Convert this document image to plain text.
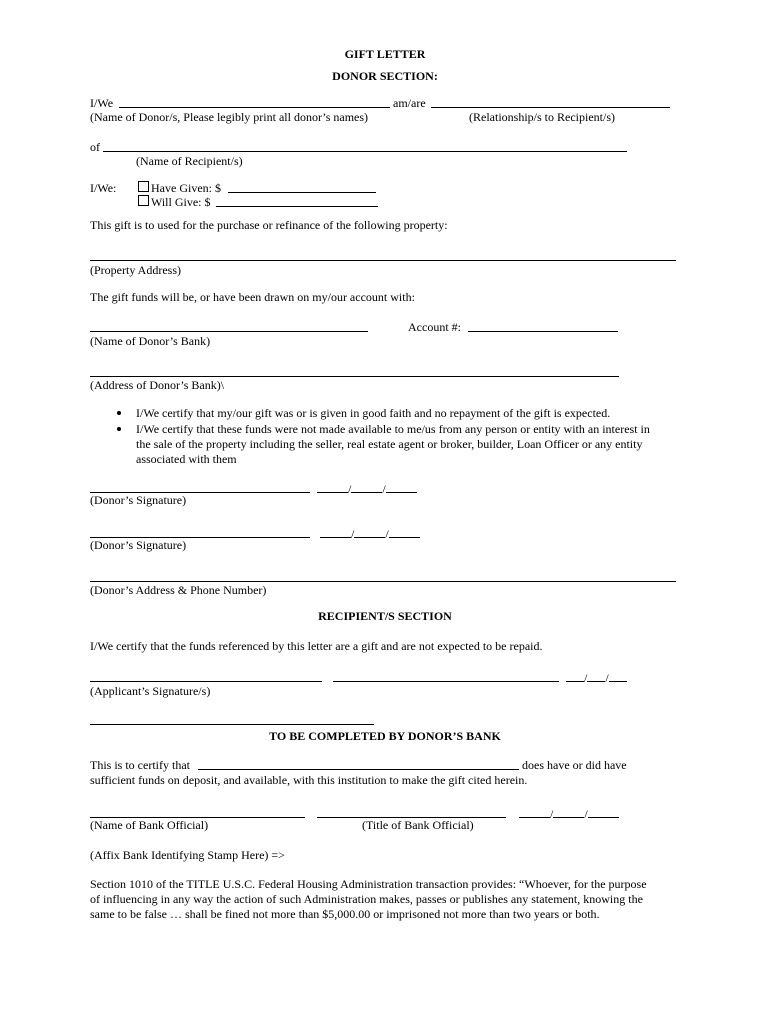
GIFT LETTER
DONOR SECTION:
I/We	am/are
(Name of Donor/s, Please legibly print all donor’s names)	(Relationship/s to Recipient/s)
of
(Name of Recipient/s)
I/We:	Have Given: $
Will Give: $
This gift is to used for the purchase or refinance of the following property:
(Property Address)
The gift funds will be, or have been drawn on my/our account with:
Account #:
(Name of Donor’s Bank)
(Address of Donor’s Bank)\
I/We certify that my/our gift was or is given in good faith and no repayment of the gift is expected.
I/We certify that these funds were not made available to me/us from any person or entity with an interest in
the sale of the property including the seller, real estate agent or broker, builder, Loan Officer or any entity
associated with them
/	/
(Donor’s Signature)
/	/
(Donor’s Signature)
(Donor’s Address & Phone Number)
RECIPIENT/S SECTION
I/We certify that the funds referenced by this letter are a gift and are not expected to be repaid.
/ /
(Applicant’s Signature/s)
TO BE COMPLETED BY DONOR’S BANK
This is to certify that	does have or did have
sufficient funds on deposit, and available, with this institution to make the gift cited herein.
/	/
(Name of Bank Official)	(Title of Bank Official)
(Affix Bank Identifying Stamp Here) =>
Section 1010 of the TITLE U.S.C. Federal Housing Administration transaction provides: “Whoever, for the purpose
of influencing in any way the action of such Administration makes, passes or publishes any statement, knowing the
same to be false … shall be fined not more than $5,000.00 or imprisoned not more than two years or both.
